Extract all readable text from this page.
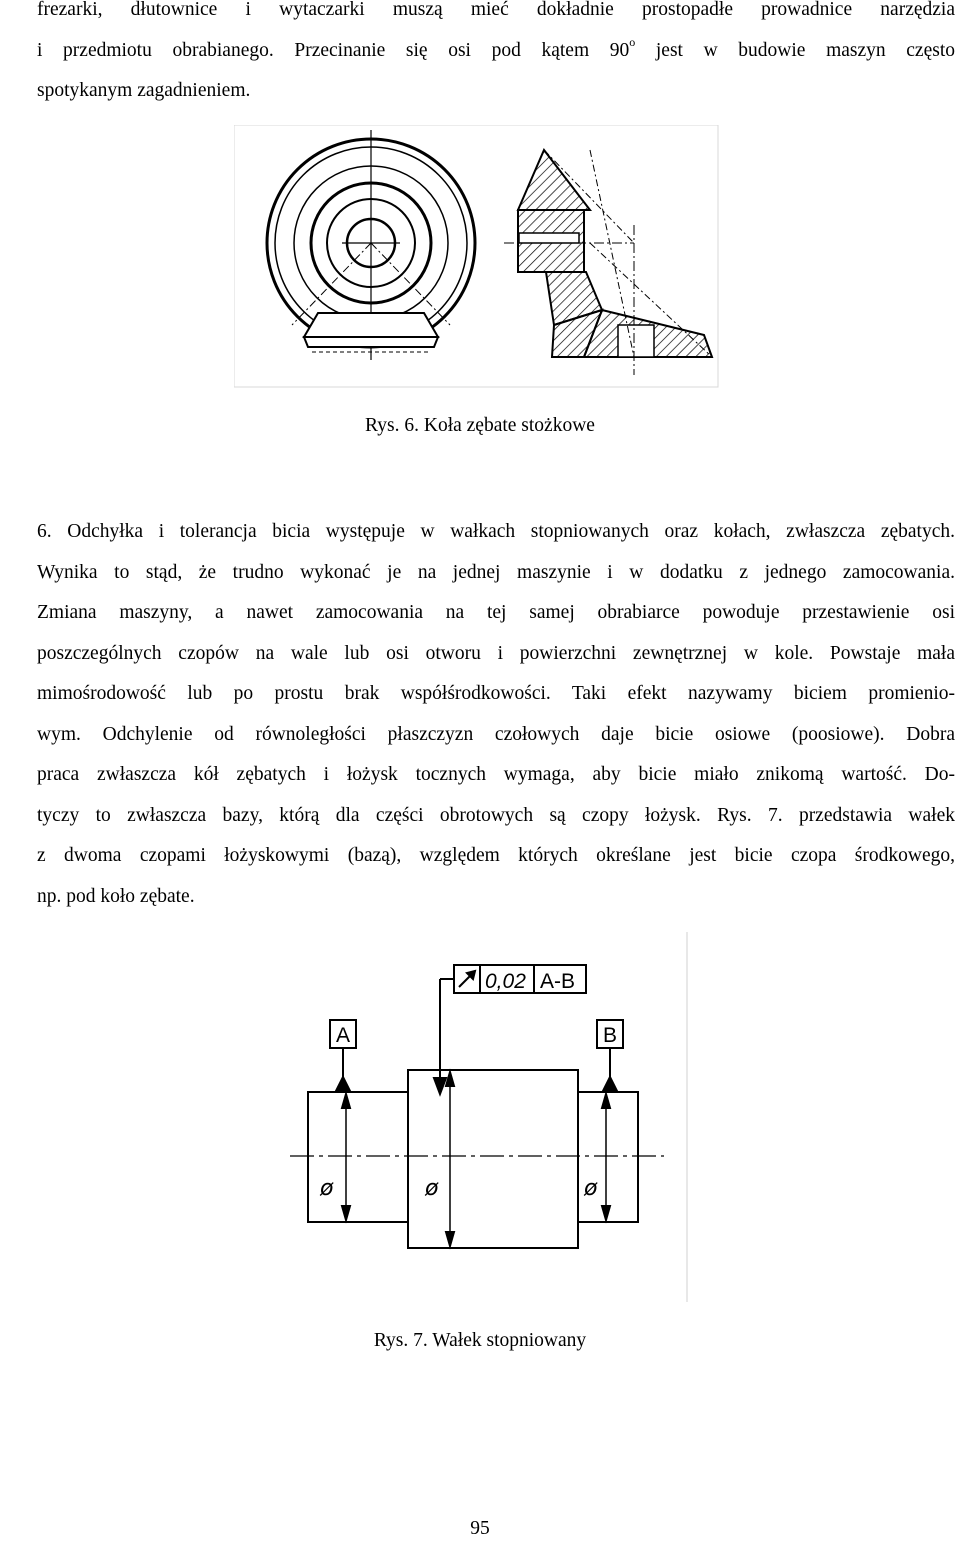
frezarki, dłutownice i wytaczarki muszą mieć dokładnie prostopadłe prowadnice narzędzia
i przedmiotu obrabianego. Przecinanie się osi pod kątem 90$^o$ jest w budowie maszyn często
spotykanym zagadnieniem.
Rys. 6. Koła zębate stożkowe
6. Odchyłka i tolerancja bicia występuje w wałkach stopniowanych oraz kołach, zwłaszcza zębatych.
Wynika to stąd, że trudno wykonać je na jednej maszynie i w dodatku z jednego zamocowania.
Zmiana maszyny, a nawet zamocowania na tej samej obrabiarce powoduje przestawienie osi
poszczególnych czopów na wale lub osi otworu i powierzchni zewnętrznej w kole. Powstaje mała
mimośrodowość lub po prostu brak współśrodkowości. Taki efekt nazywamy biciem promienio-
wym. Odchylenie od równoległości płaszczyzn czołowych daje bicie osiowe (poosiowe). Dobra
praca zwłaszcza kół zębatych i łożysk tocznych wymaga, aby bicie miało znikomą wartość. Do-
tyczy to zwłaszcza bazy, którą dla części obrotowych są czopy łożysk. Rys. 7. przedstawia wałek
z dwoma czopami łożyskowymi (bazą), względem których określane jest bicie czopa środkowego,
np. pod koło zębate.
0,02 A-B
A	B
ø	ø	ø
Rys. 7. Wałek stopniowany
95
